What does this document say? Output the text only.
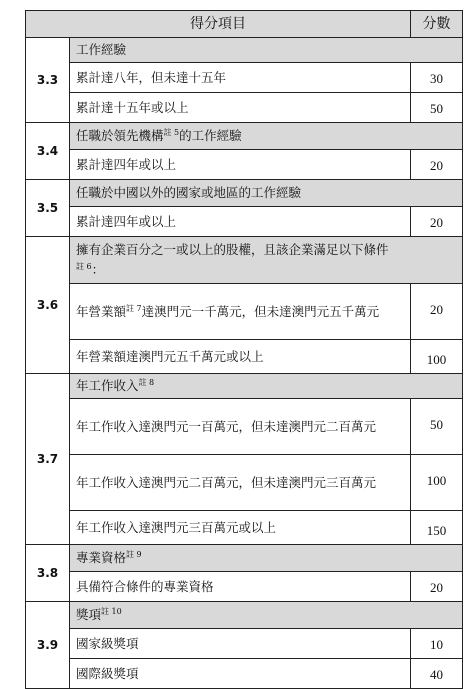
得分項目		分數
3.3	工作經驗	
	累計達八年，但未達十五年	30
	累計達十五年或以上	50
3.4	任職於領先機構$^{註 5}$的工作經驗	
	累計達四年或以上	20
3.5	任職於中國以外的國家或地區的工作經驗	
	累計達四年或以上	20
3.6	擁有企業百分之一或以上的股權，且該企業滿足以下條件
$^{註 6}$：	
	年營業額$^{註 7}$達澳門元一千萬元，但未達澳門元五千萬元	20
	年營業額達澳門元五千萬元或以上	100
3.7	年工作收入$^{註 8}$
	年工作收入達澳門元一百萬元，但未達澳門元二百萬元	50
	年工作收入達澳門元二百萬元，但未達澳門元三百萬元	100
	年工作收入達澳門元三百萬元或以上	150
3.8	專業資格$^{註 9}$
	具備符合條件的專業資格	20
3.9	獎項$^{註 10}$
	國家級獎項	10
	國際級獎項	40
